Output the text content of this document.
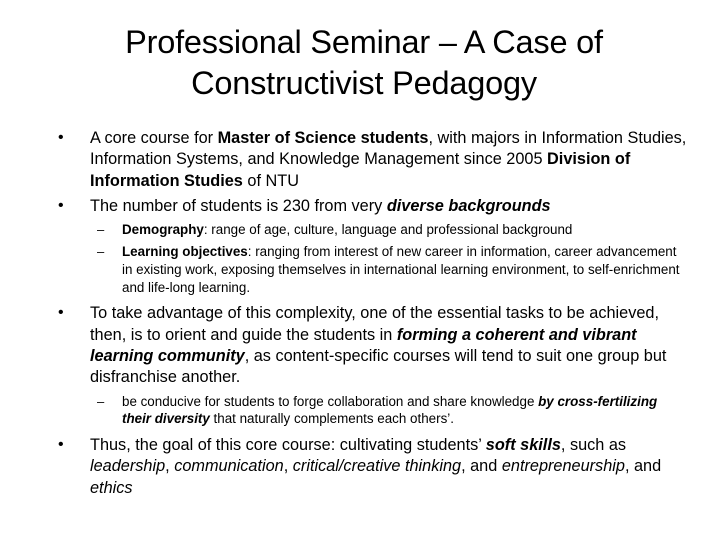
Professional Seminar – A Case of Constructivist Pedagogy
• A core course for Master of Science students, with majors in Information Studies, Information Systems, and Knowledge Management since 2005 Division of Information Studies of NTU
• The number of students is 230 from very diverse backgrounds
– Demography: range of age, culture, language and professional background
– Learning objectives: ranging from interest of new career in information, career advancement in existing work, exposing themselves in international learning environment, to self-enrichment and life-long learning.
• To take advantage of this complexity, one of the essential tasks to be achieved, then, is to orient and guide the students in forming a coherent and vibrant learning community, as content-specific courses will tend to suit one group but disfranchise another.
– be conducive for students to forge collaboration and share knowledge by cross-fertilizing their diversity that naturally complements each others’.
• Thus, the goal of this core course: cultivating students’ soft skills, such as leadership, communication, critical/creative thinking, and entrepreneurship, and ethics
